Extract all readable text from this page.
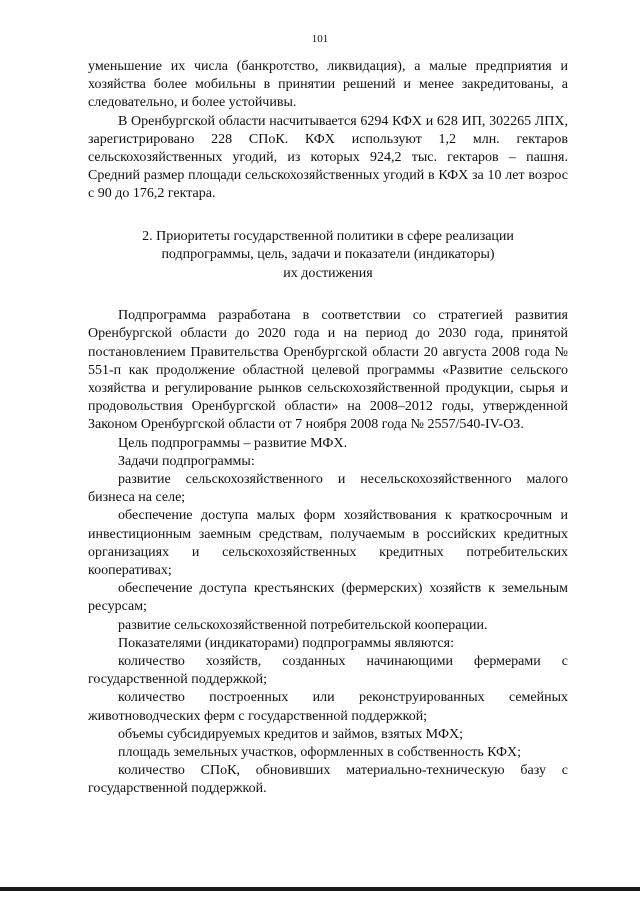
101

уменьшение их числа (банкротство, ликвидация), а малые предприятия и хозяйства более мобильны в принятии решений и менее закредитованы, а следовательно, и более устойчивы.

В Оренбургской области насчитывается 6294 КФХ и 628 ИП, 302265 ЛПХ, зарегистрировано 228 СПоК. КФХ используют 1,2 млн. гектаров сельскохозяйственных угодий, из которых 924,2 тыс. гектаров – пашня. Средний размер площади сельскохозяйственных угодий в КФХ за 10 лет возрос с 90 до 176,2 гектара.

2. Приоритеты государственной политики в сфере реализации
подпрограммы, цель, задачи и показатели (индикаторы)
их достижения

Подпрограмма разработана в соответствии со стратегией развития Оренбургской области до 2020 года и на период до 2030 года, принятой постановлением Правительства Оренбургской области 20 августа 2008 года № 551-п как продолжение областной целевой программы «Развитие сельского хозяйства и регулирование рынков сельскохозяйственной продукции, сырья и продовольствия Оренбургской области» на 2008–2012 годы, утвержденной Законом Оренбургской области от 7 ноября 2008 года № 2557/540-IV-ОЗ.

Цель подпрограммы – развитие МФХ.

Задачи подпрограммы:

развитие сельскохозяйственного и несельскохозяйственного малого бизнеса на селе;

обеспечение доступа малых форм хозяйствования к краткосрочным и инвестиционным заемным средствам, получаемым в российских кредитных организациях и сельскохозяйственных кредитных потребительских кооперативах;

обеспечение доступа крестьянских (фермерских) хозяйств к земельным ресурсам;

развитие сельскохозяйственной потребительской кооперации.

Показателями (индикаторами) подпрограммы являются:

количество хозяйств, созданных начинающими фермерами с государственной поддержкой;

количество построенных или реконструированных семейных животноводческих ферм с государственной поддержкой;

объемы субсидируемых кредитов и займов, взятых МФХ;

площадь земельных участков, оформленных в собственность КФХ;

количество СПоК, обновивших материально-техническую базу с государственной поддержкой.
